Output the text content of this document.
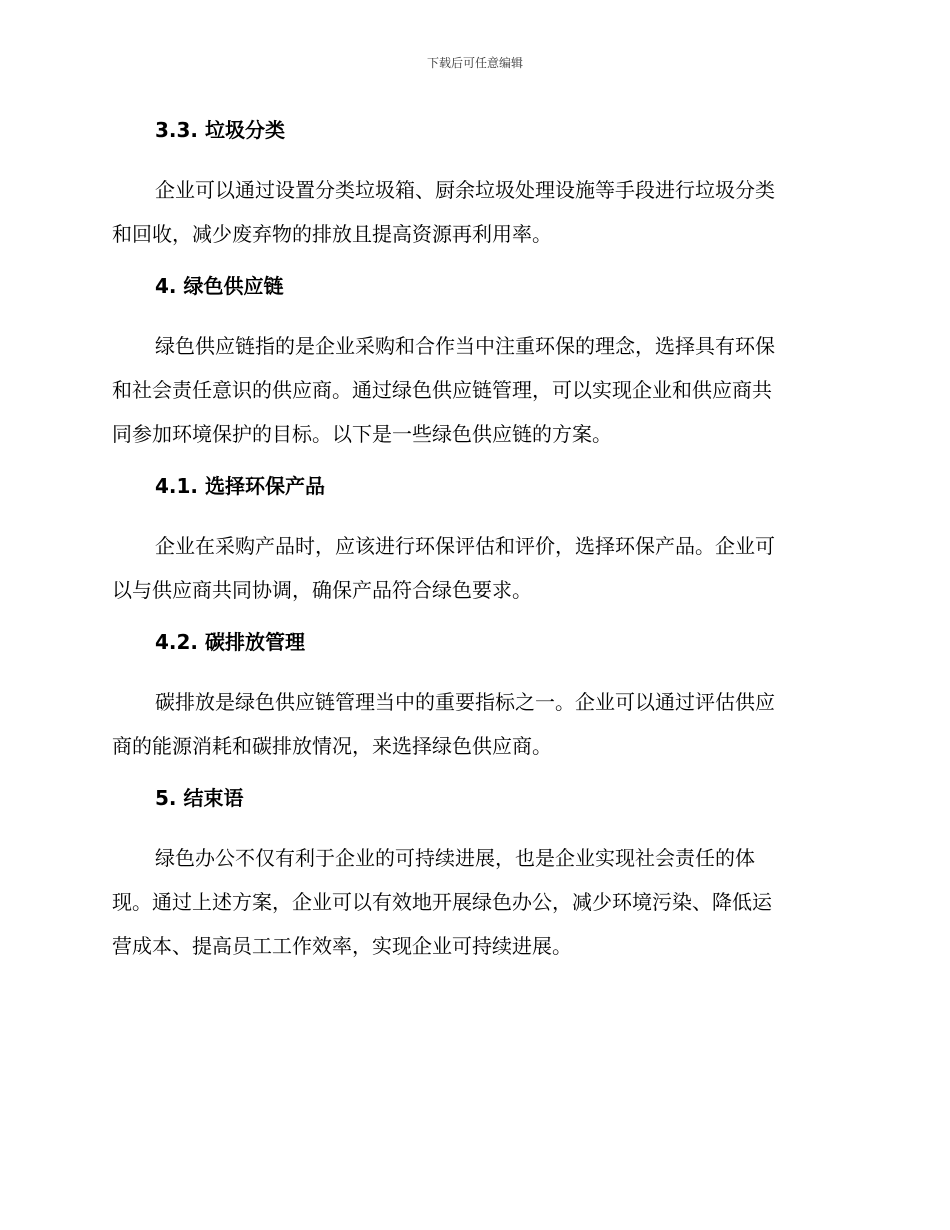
下载后可任意编辑
3.3. 垃圾分类

企业可以通过设置分类垃圾箱、厨余垃圾处理设施等手段进行垃圾分类
和回收，减少废弃物的排放且提高资源再利用率。

4. 绿色供应链

绿色供应链指的是企业采购和合作当中注重环保的理念，选择具有环保
和社会责任意识的供应商。通过绿色供应链管理，可以实现企业和供应商共
同参加环境保护的目标。以下是一些绿色供应链的方案。

4.1. 选择环保产品

企业在采购产品时，应该进行环保评估和评价，选择环保产品。企业可
以与供应商共同协调，确保产品符合绿色要求。

4.2. 碳排放管理

碳排放是绿色供应链管理当中的重要指标之一。企业可以通过评估供应
商的能源消耗和碳排放情况，来选择绿色供应商。

5. 结束语

绿色办公不仅有利于企业的可持续进展，也是企业实现社会责任的体
现。通过上述方案，企业可以有效地开展绿色办公，减少环境污染、降低运
营成本、提高员工工作效率，实现企业可持续进展。
